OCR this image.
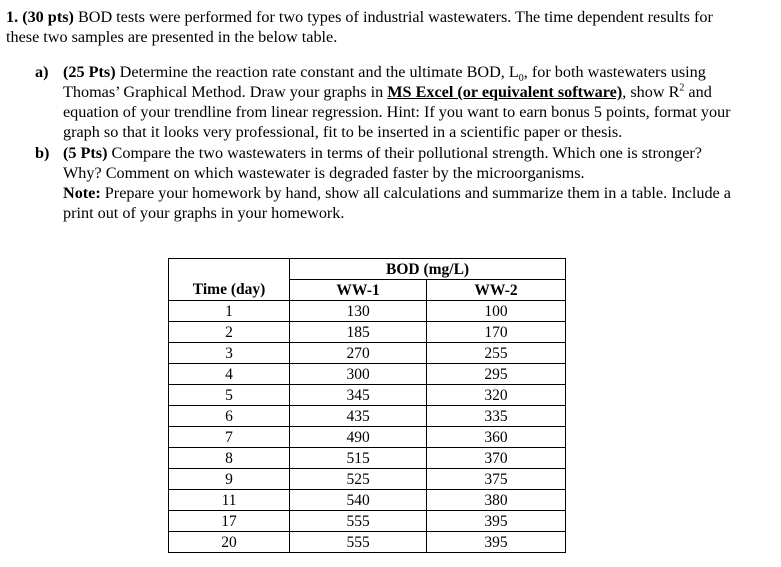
1. (30 pts) BOD tests were performed for two types of industrial wastewaters. The time dependent results for these two samples are presented in the below table.
a) (25 Pts) Determine the reaction rate constant and the ultimate BOD, $L_0$, for both wastewaters using Thomas’ Graphical Method. Draw your graphs in MS Excel (or equivalent software), show $R^2$ and equation of your trendline from linear regression. Hint: If you want to earn bonus 5 points, format your graph so that it looks very professional, fit to be inserted in a scientific paper or thesis.
b) (5 Pts) Compare the two wastewaters in terms of their pollutional strength. Which one is stronger? Why? Comment on which wastewater is degraded faster by the microorganisms.
Note: Prepare your homework by hand, show all calculations and summarize them in a table. Include a print out of your graphs in your homework.
	BOD (mg/L)	
Time (day)	WW-1	WW-2
1	130	100
2	185	170
3	270	255
4	300	295
5	345	320
6	435	335
7	490	360
8	515	370
9	525	375
11	540	380
17	555	395
20	555	395
